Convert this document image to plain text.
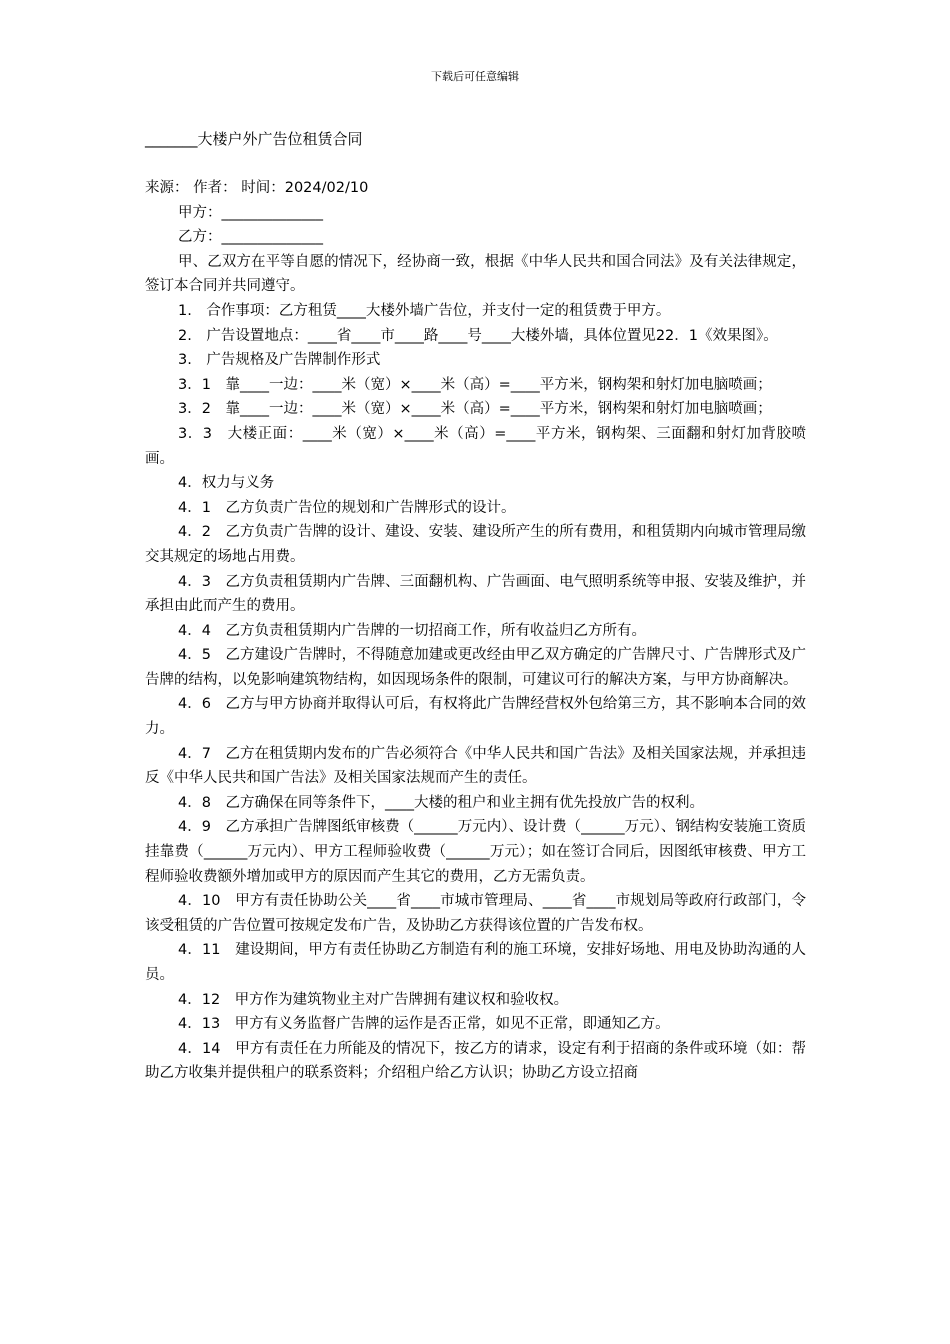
下载后可任意编辑
_______大楼户外广告位租赁合同

来源： 作者： 时间：2024/02/10

甲方：______________

乙方：______________

甲、乙双方在平等自愿的情况下，经协商一致，根据《中华人民共和国合同法》及有关法律规定，签订本合同并共同遵守。

1.　合作事项：乙方租赁____大楼外墙广告位，并支付一定的租赁费于甲方。

2.　广告设置地点：____省____市____路____号____大楼外墙，具体位置见22．1《效果图》。

3.　广告规格及广告牌制作形式

3．1　靠____一边：____米（宽）×____米（高）=____平方米，钢构架和射灯加电脑喷画；

3．2　靠____一边：____米（宽）×____米（高）=____平方米，钢构架和射灯加电脑喷画；

3．3　大楼正面：____米（宽）×____米（高）=____平方米，钢构架、三面翻和射灯加背胶喷画。

4．权力与义务

4．1　乙方负责广告位的规划和广告牌形式的设计。

4．2　乙方负责广告牌的设计、建设、安装、建设所产生的所有费用，和租赁期内向城市管理局缴交其规定的场地占用费。

4．3　乙方负责租赁期内广告牌、三面翻机构、广告画面、电气照明系统等申报、安装及维护，并承担由此而产生的费用。

4．4　乙方负责租赁期内广告牌的一切招商工作，所有收益归乙方所有。

4．5　乙方建设广告牌时，不得随意加建或更改经由甲乙双方确定的广告牌尺寸、广告牌形式及广告牌的结构，以免影响建筑物结构，如因现场条件的限制，可建议可行的解决方案，与甲方协商解决。

4．6　乙方与甲方协商并取得认可后，有权将此广告牌经营权外包给第三方，其不影响本合同的效力。

4．7　乙方在租赁期内发布的广告必须符合《中华人民共和国广告法》及相关国家法规，并承担违反《中华人民共和国广告法》及相关国家法规而产生的责任。

4．8　乙方确保在同等条件下，____大楼的租户和业主拥有优先投放广告的权利。

4．9　乙方承担广告牌图纸审核费（______万元内）、设计费（______万元）、钢结构安装施工资质挂靠费（______万元内）、甲方工程师验收费（______万元）；如在签订合同后，因图纸审核费、甲方工程师验收费额外增加或甲方的原因而产生其它的费用，乙方无需负责。

4．10　甲方有责任协助公关____省____市城市管理局、____省____市规划局等政府行政部门，令该受租赁的广告位置可按规定发布广告，及协助乙方获得该位置的广告发布权。

4．11　建设期间，甲方有责任协助乙方制造有利的施工环境，安排好场地、用电及协助沟通的人员。

4．12　甲方作为建筑物业主对广告牌拥有建议权和验收权。

4．13　甲方有义务监督广告牌的运作是否正常，如见不正常，即通知乙方。

4．14　甲方有责任在力所能及的情况下，按乙方的请求，设定有利于招商的条件或环境（如：帮助乙方收集并提供租户的联系资料；介绍租户给乙方认识；协助乙方设立招商
